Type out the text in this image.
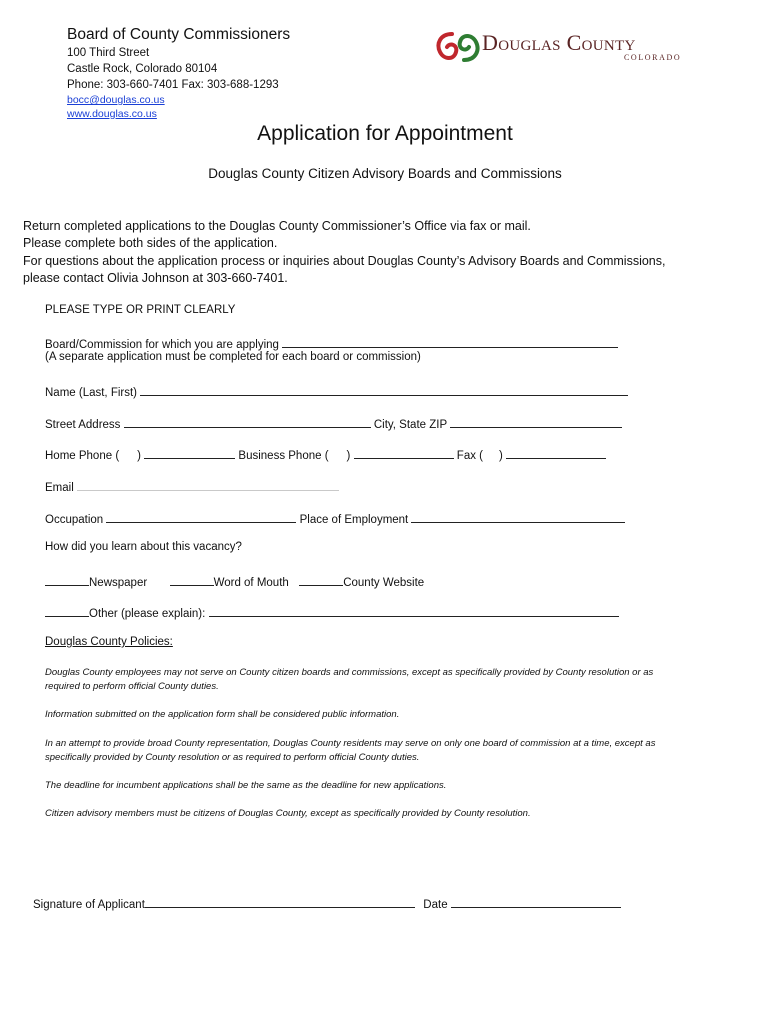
Board of County Commissioners
100 Third Street
Castle Rock, Colorado 80104
Phone: 303-660-7401 Fax: 303-688-1293
bocc@douglas.co.us
www.douglas.co.us
Douglas County
COLORADO
Application for Appointment
Douglas County Citizen Advisory Boards and Commissions
Return completed applications to the Douglas County Commissioner’s Office via fax or mail.
Please complete both sides of the application.
For questions about the application process or inquiries about Douglas County’s Advisory Boards and Commissions,
please contact Olivia Johnson at 303-660-7401.
PLEASE TYPE OR PRINT CLEARLY
Board/Commission for which you are applying
(A separate application must be completed for each board or commission)
Name (Last, First)
Street Address	City, State ZIP
Home Phone ( )	Business Phone ( )	Fax ( )
Email
Occupation	Place of Employment
How did you learn about this vacancy?
Newspaper	Word of Mouth	County Website
Other (please explain):
Douglas County Policies:
Douglas County employees may not serve on County citizen boards and commissions, except as specifically provided by County resolution or as required to perform official County duties.
Information submitted on the application form shall be considered public information.
In an attempt to provide broad County representation, Douglas County residents may serve on only one board of commission at a time, except as specifically provided by County resolution or as required to perform official County duties.
The deadline for incumbent applications shall be the same as the deadline for new applications.
Citizen advisory members must be citizens of Douglas County, except as specifically provided by County resolution.
Signature of Applicant	Date
